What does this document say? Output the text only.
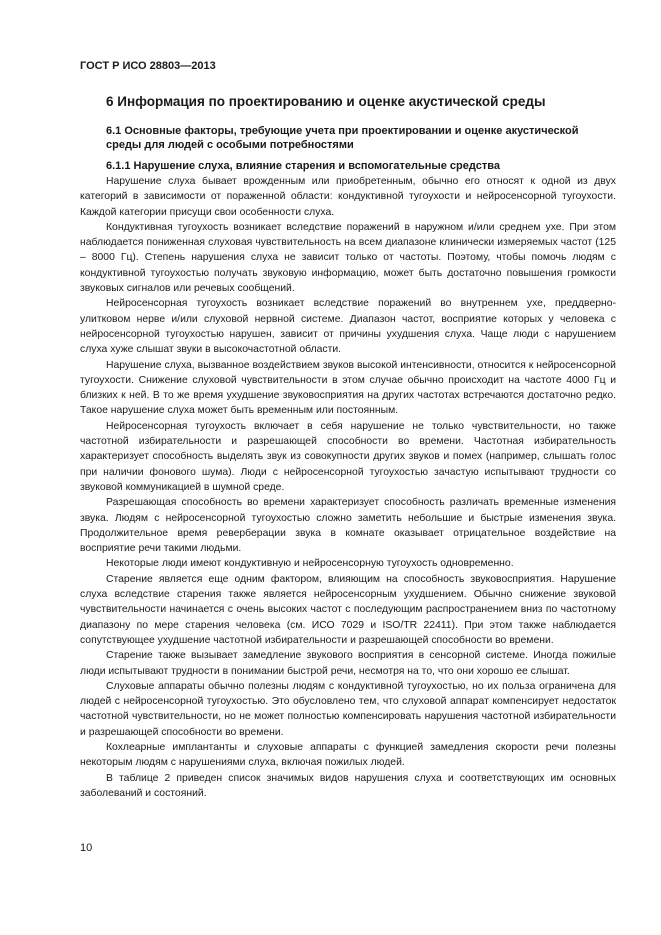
ГОСТ Р ИСО 28803—2013
6 Информация по проектированию и оценке акустической среды
6.1 Основные факторы, требующие учета при проектировании и оценке акустической среды для людей с особыми потребностями
6.1.1 Нарушение слуха, влияние старения и вспомогательные средства

Нарушение слуха бывает врожденным или приобретенным, обычно его относят к одной из двух категорий в зависимости от пораженной области: кондуктивной тугоухости и нейросенсорной тугоухости. Каждой категории присущи свои особенности слуха.

Кондуктивная тугоухость возникает вследствие поражений в наружном и/или среднем ухе. При этом наблюдается пониженная слуховая чувствительность на всем диапазоне клинически измеряемых частот (125 – 8000 Гц). Степень нарушения слуха не зависит только от частоты. Поэтому, чтобы помочь людям с кондуктивной тугоухостью получать звуковую информацию, может быть достаточно повышения громкости звуковых сигналов или речевых сообщений.

Нейросенсорная тугоухость возникает вследствие поражений во внутреннем ухе, преддверно-улитковом нерве и/или слуховой нервной системе. Диапазон частот, восприятие которых у человека с нейросенсорной тугоухостью нарушен, зависит от причины ухудшения слуха. Чаще люди с нарушением слуха хуже слышат звуки в высокочастотной области.

Нарушение слуха, вызванное воздействием звуков высокой интенсивности, относится к нейросенсорной тугоухости. Снижение слуховой чувствительности в этом случае обычно происходит на частоте 4000 Гц и близких к ней. В то же время ухудшение звуковосприятия на других частотах встречаются достаточно редко. Такое нарушение слуха может быть временным или постоянным.

Нейросенсорная тугоухость включает в себя нарушение не только чувствительности, но также частотной избирательности и разрешающей способности во времени. Частотная избирательность характеризует способность выделять звук из совокупности других звуков и помех (например, слышать голос при наличии фонового шума). Люди с нейросенсорной тугоухостью зачастую испытывают трудности со звуковой коммуникацией в шумной среде.

Разрешающая способность во времени характеризует способность различать временные изменения звука. Людям с нейросенсорной тугоухостью сложно заметить небольшие и быстрые изменения звука. Продолжительное время реверберации звука в комнате оказывает отрицательное воздействие на восприятие речи такими людьми.

Некоторые люди имеют кондуктивную и нейросенсорную тугоухость одновременно.

Старение является еще одним фактором, влияющим на способность звуковосприятия. Нарушение слуха вследствие старения также является нейросенсорным ухудшением. Обычно снижение звуковой чувствительности начинается с очень высоких частот с последующим распространением вниз по частотному диапазону по мере старения человека (см. ИСО 7029 и ISO/TR 22411). При этом также наблюдается сопутствующее ухудшение частотной избирательности и разрешающей способности во времени.

Старение также вызывает замедление звукового восприятия в сенсорной системе. Иногда пожилые люди испытывают трудности в понимании быстрой речи, несмотря на то, что они хорошо ее слышат.

Слуховые аппараты обычно полезны людям с кондуктивной тугоухостью, но их польза ограничена для людей с нейросенсорной тугоухостью. Это обусловлено тем, что слуховой аппарат компенсирует недостаток частотной чувствительности, но не может полностью компенсировать нарушения частотной избирательности и разрешающей способности во времени.

Кохлеарные имплантанты и слуховые аппараты с функцией замедления скорости речи полезны некоторым людям с нарушениями слуха, включая пожилых людей.

В таблице 2 приведен список значимых видов нарушения слуха и соответствующих им основных заболеваний и состояний.

10
